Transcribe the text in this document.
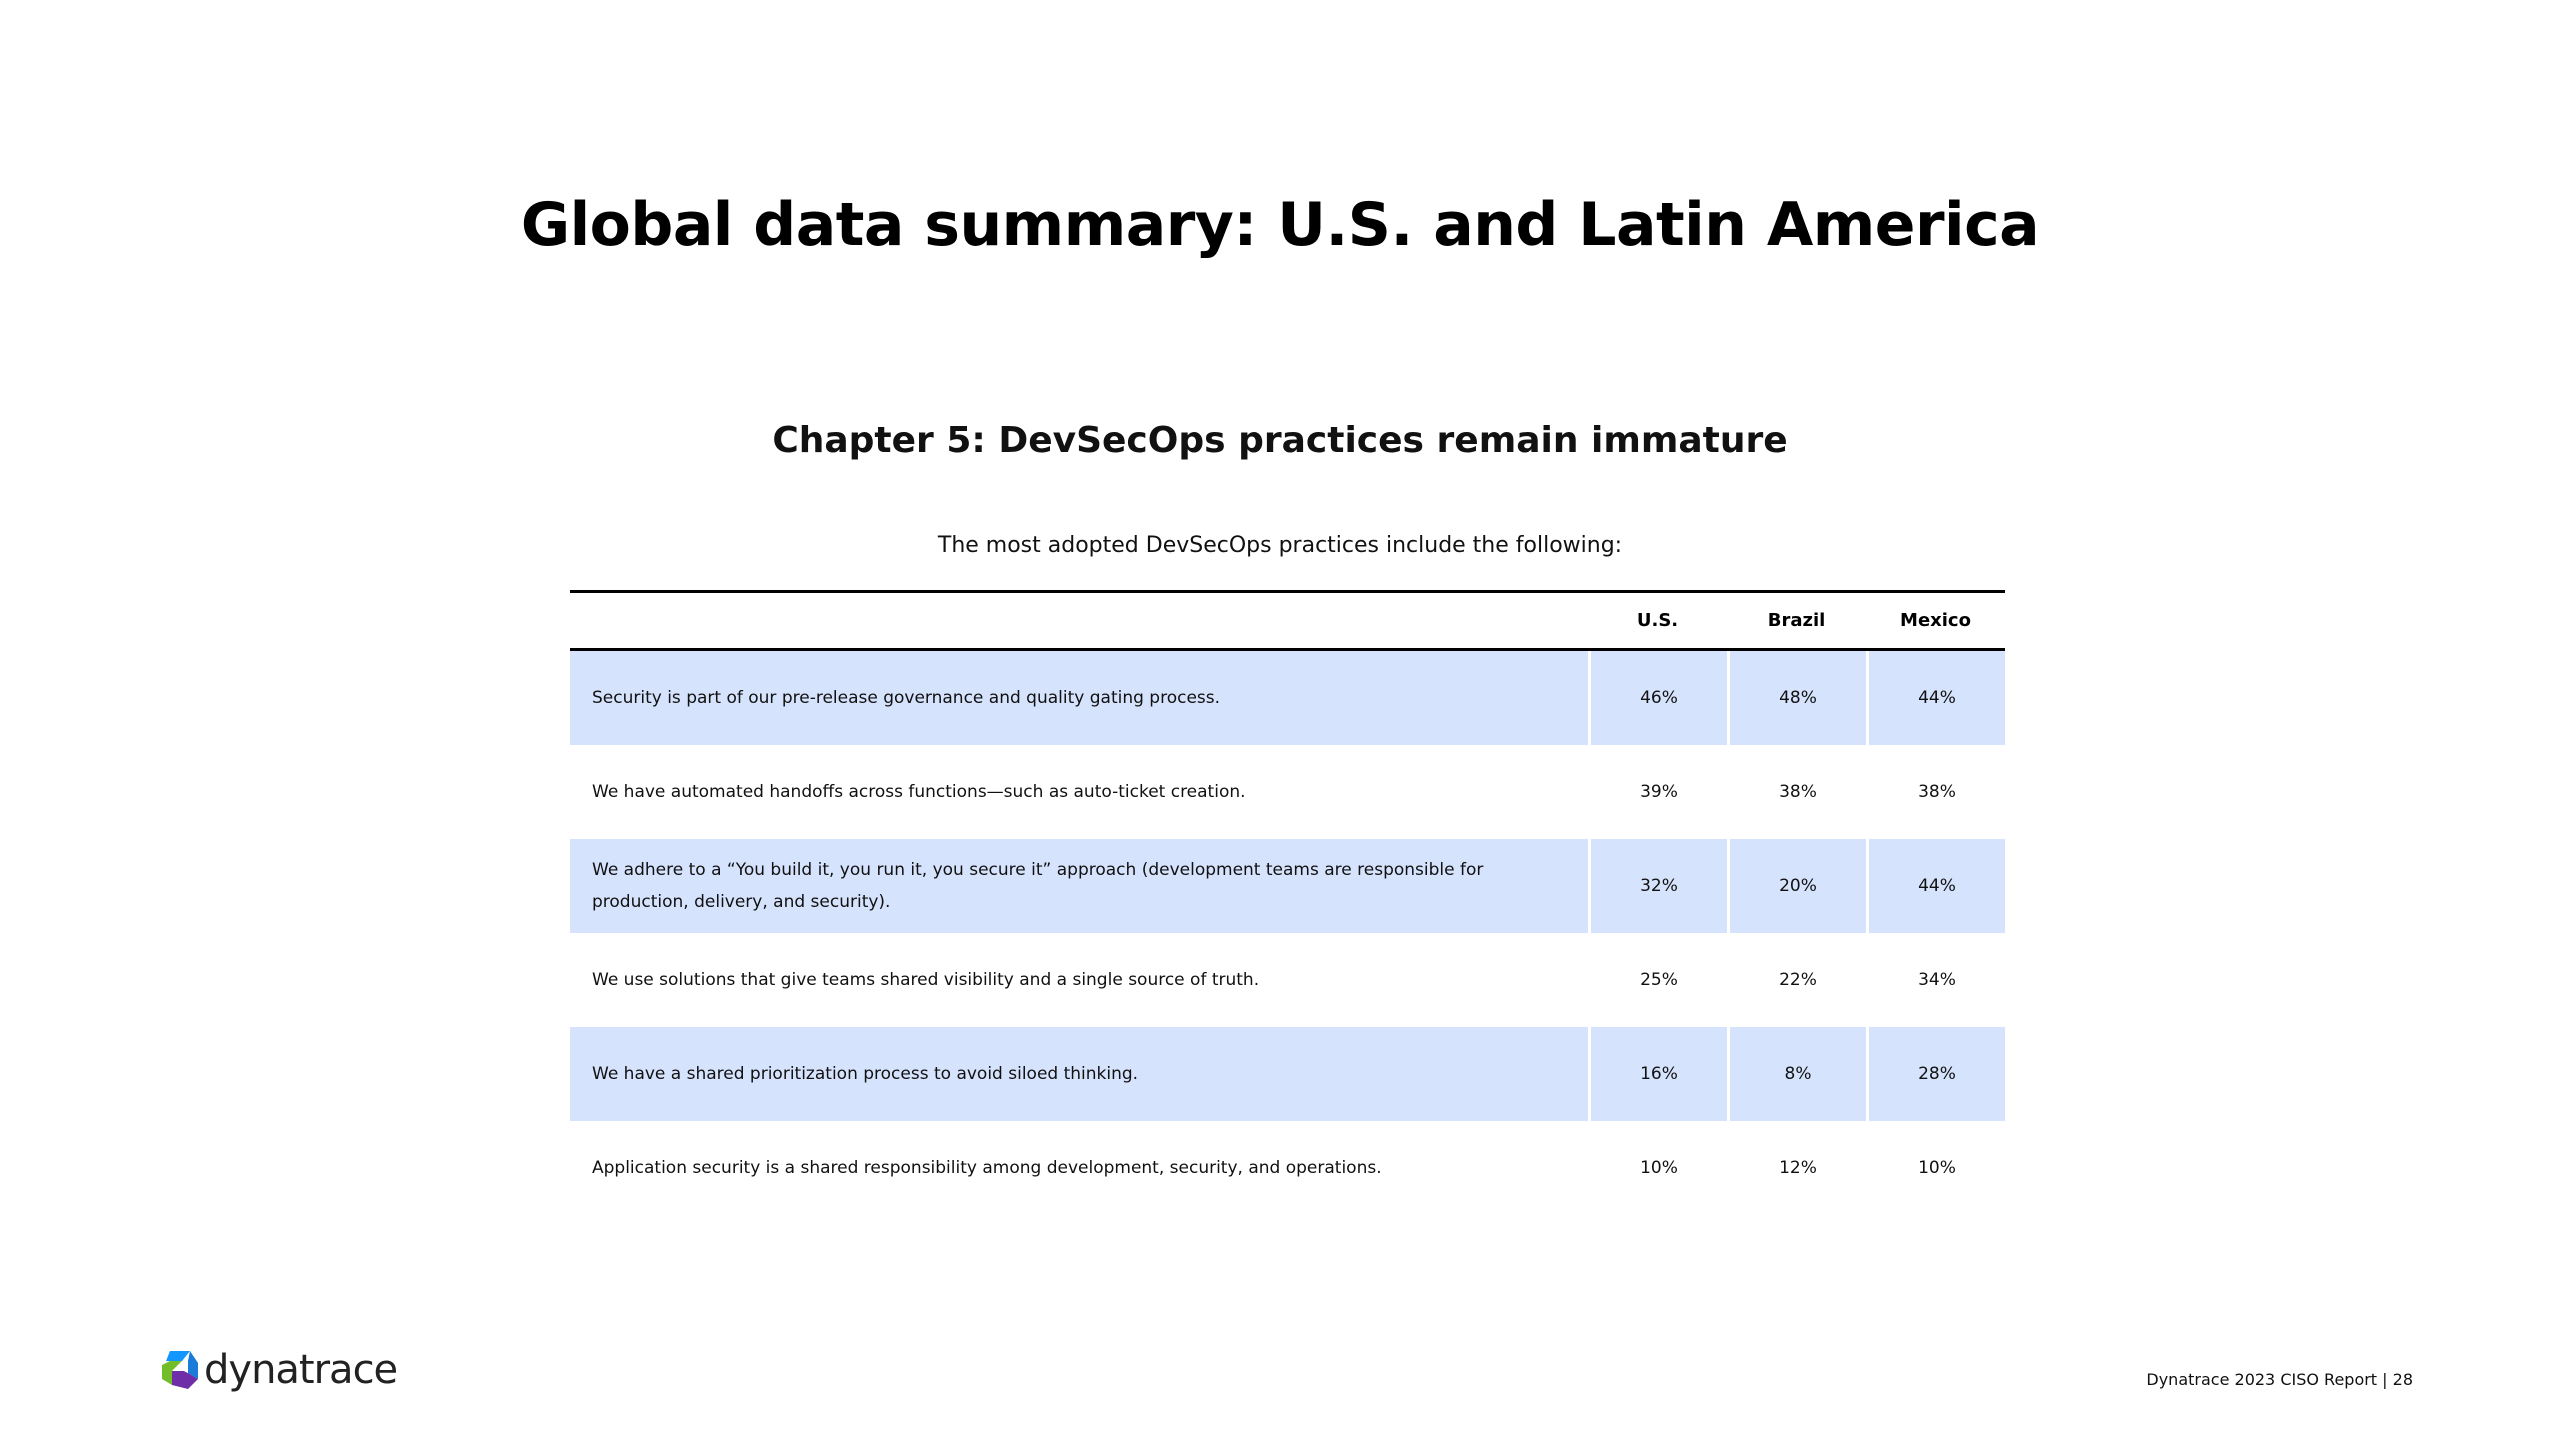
Global data summary: U.S. and Latin America
Chapter 5: DevSecOps practices remain immature

The most adopted DevSecOps practices include the following:

	U.S.	Brazil	Mexico
Security is part of our pre-release governance and quality gating process.	46%	48%	44%
We have automated handoffs across functions—such as auto-ticket creation.	39%	38%	38%
We adhere to a “You build it, you run it, you secure it” approach (development teams are responsible for production, delivery, and security).	32%	20%	44%
We use solutions that give teams shared visibility and a single source of truth.	25%	22%	34%
We have a shared prioritization process to avoid siloed thinking.	16%	8%	28%
Application security is a shared responsibility among development, security, and operations.	10%	12%	10%
dynatrace	Dynatrace 2023 CISO Report | 28
